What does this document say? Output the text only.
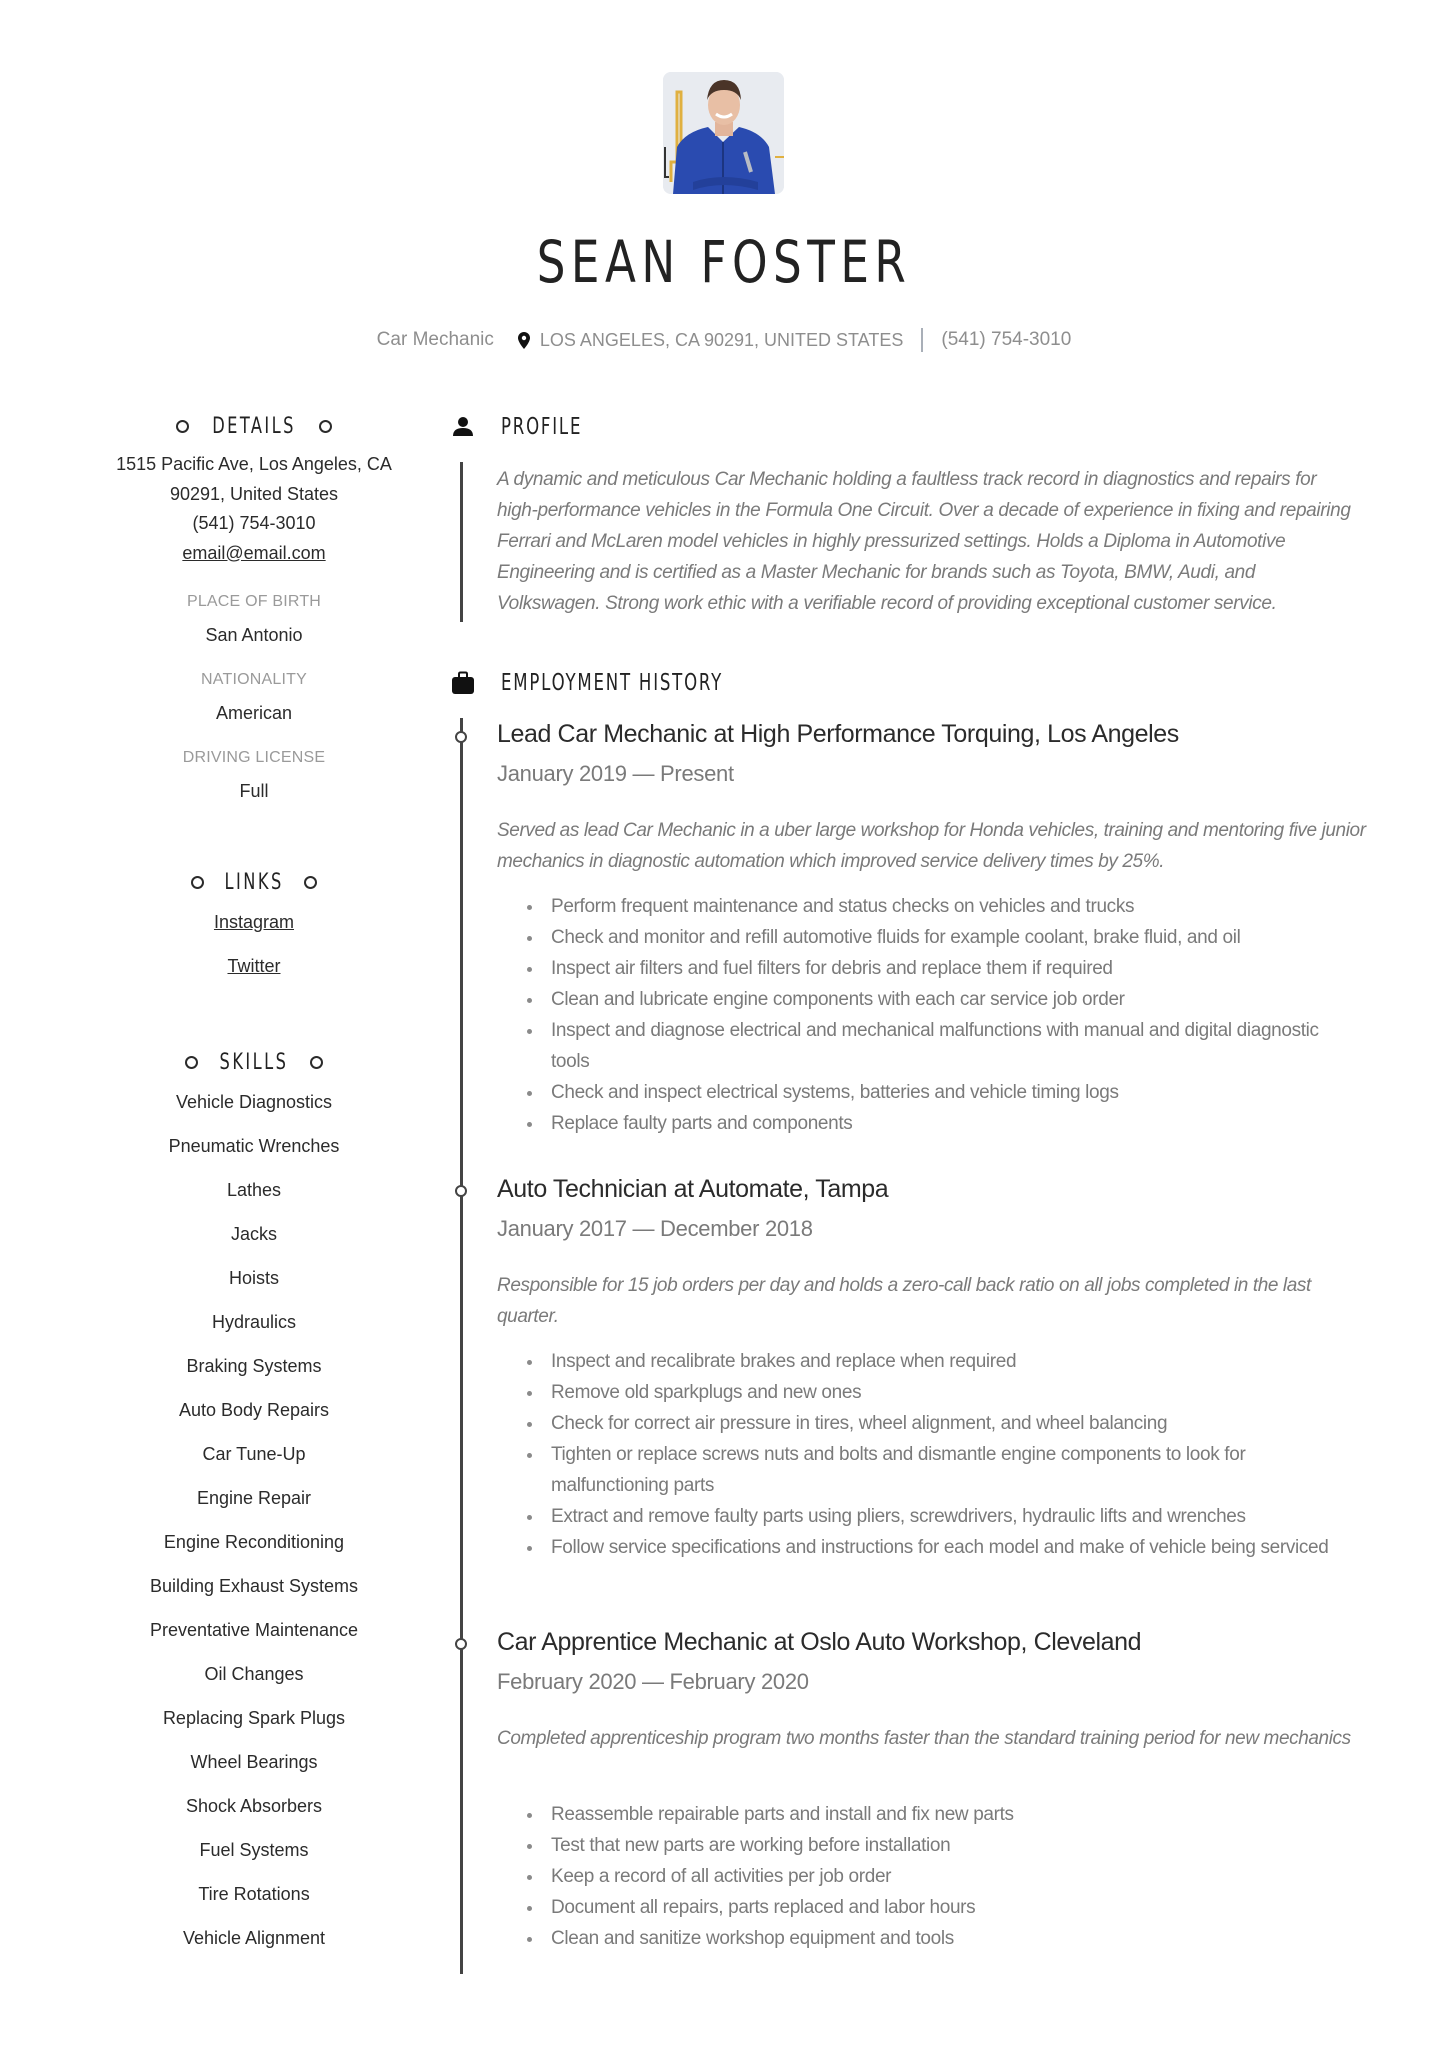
SEAN FOSTER
Car Mechanic	LOS ANGELES, CA 90291, UNITED STATES (541) 754-3010
DETAILS
1515 Pacific Ave, Los Angeles, CA
90291, United States
(541) 754-3010
email@email.com
PLACE OF BIRTH
San Antonio
NATIONALITY
American
DRIVING LICENSE
Full
LINKS
Instagram
Twitter
SKILLS
Vehicle Diagnostics
Pneumatic Wrenches
Lathes
Jacks
Hoists
Hydraulics
Braking Systems
Auto Body Repairs
Car Tune-Up
Engine Repair
Engine Reconditioning
Building Exhaust Systems
Preventative Maintenance
Oil Changes
Replacing Spark Plugs
Wheel Bearings
Shock Absorbers
Fuel Systems
Tire Rotations
Vehicle Alignment
PROFILE
A dynamic and meticulous Car Mechanic holding a faultless track record in diagnostics and repairs for high-performance vehicles in the Formula One Circuit. Over a decade of experience in fixing and repairing Ferrari and McLaren model vehicles in highly pressurized settings. Holds a Diploma in Automotive Engineering and is certified as a Master Mechanic for brands such as Toyota, BMW, Audi, and Volkswagen. Strong work ethic with a verifiable record of providing exceptional customer service.
EMPLOYMENT HISTORY
Lead Car Mechanic at High Performance Torquing, Los Angeles
January 2019 — Present
Served as lead Car Mechanic in a uber large workshop for Honda vehicles, training and mentoring five junior mechanics in diagnostic automation which improved service delivery times by 25%.
Perform frequent maintenance and status checks on vehicles and trucks
Check and monitor and refill automotive fluids for example coolant, brake fluid, and oil
Inspect air filters and fuel filters for debris and replace them if required
Clean and lubricate engine components with each car service job order
Inspect and diagnose electrical and mechanical malfunctions with manual and digital diagnostic tools
Check and inspect electrical systems, batteries and vehicle timing logs
Replace faulty parts and components
Auto Technician at Automate, Tampa
January 2017 — December 2018
Responsible for 15 job orders per day and holds a zero-call back ratio on all jobs completed in the last quarter.
Inspect and recalibrate brakes and replace when required
Remove old sparkplugs and new ones
Check for correct air pressure in tires, wheel alignment, and wheel balancing
Tighten or replace screws nuts and bolts and dismantle engine components to look for malfunctioning parts
Extract and remove faulty parts using pliers, screwdrivers, hydraulic lifts and wrenches
Follow service specifications and instructions for each model and make of vehicle being serviced
Car Apprentice Mechanic at Oslo Auto Workshop, Cleveland
February 2020 — February 2020
Completed apprenticeship program two months faster than the standard training period for new mechanics
Reassemble repairable parts and install and fix new parts
Test that new parts are working before installation
Keep a record of all activities per job order
Document all repairs, parts replaced and labor hours
Clean and sanitize workshop equipment and tools
